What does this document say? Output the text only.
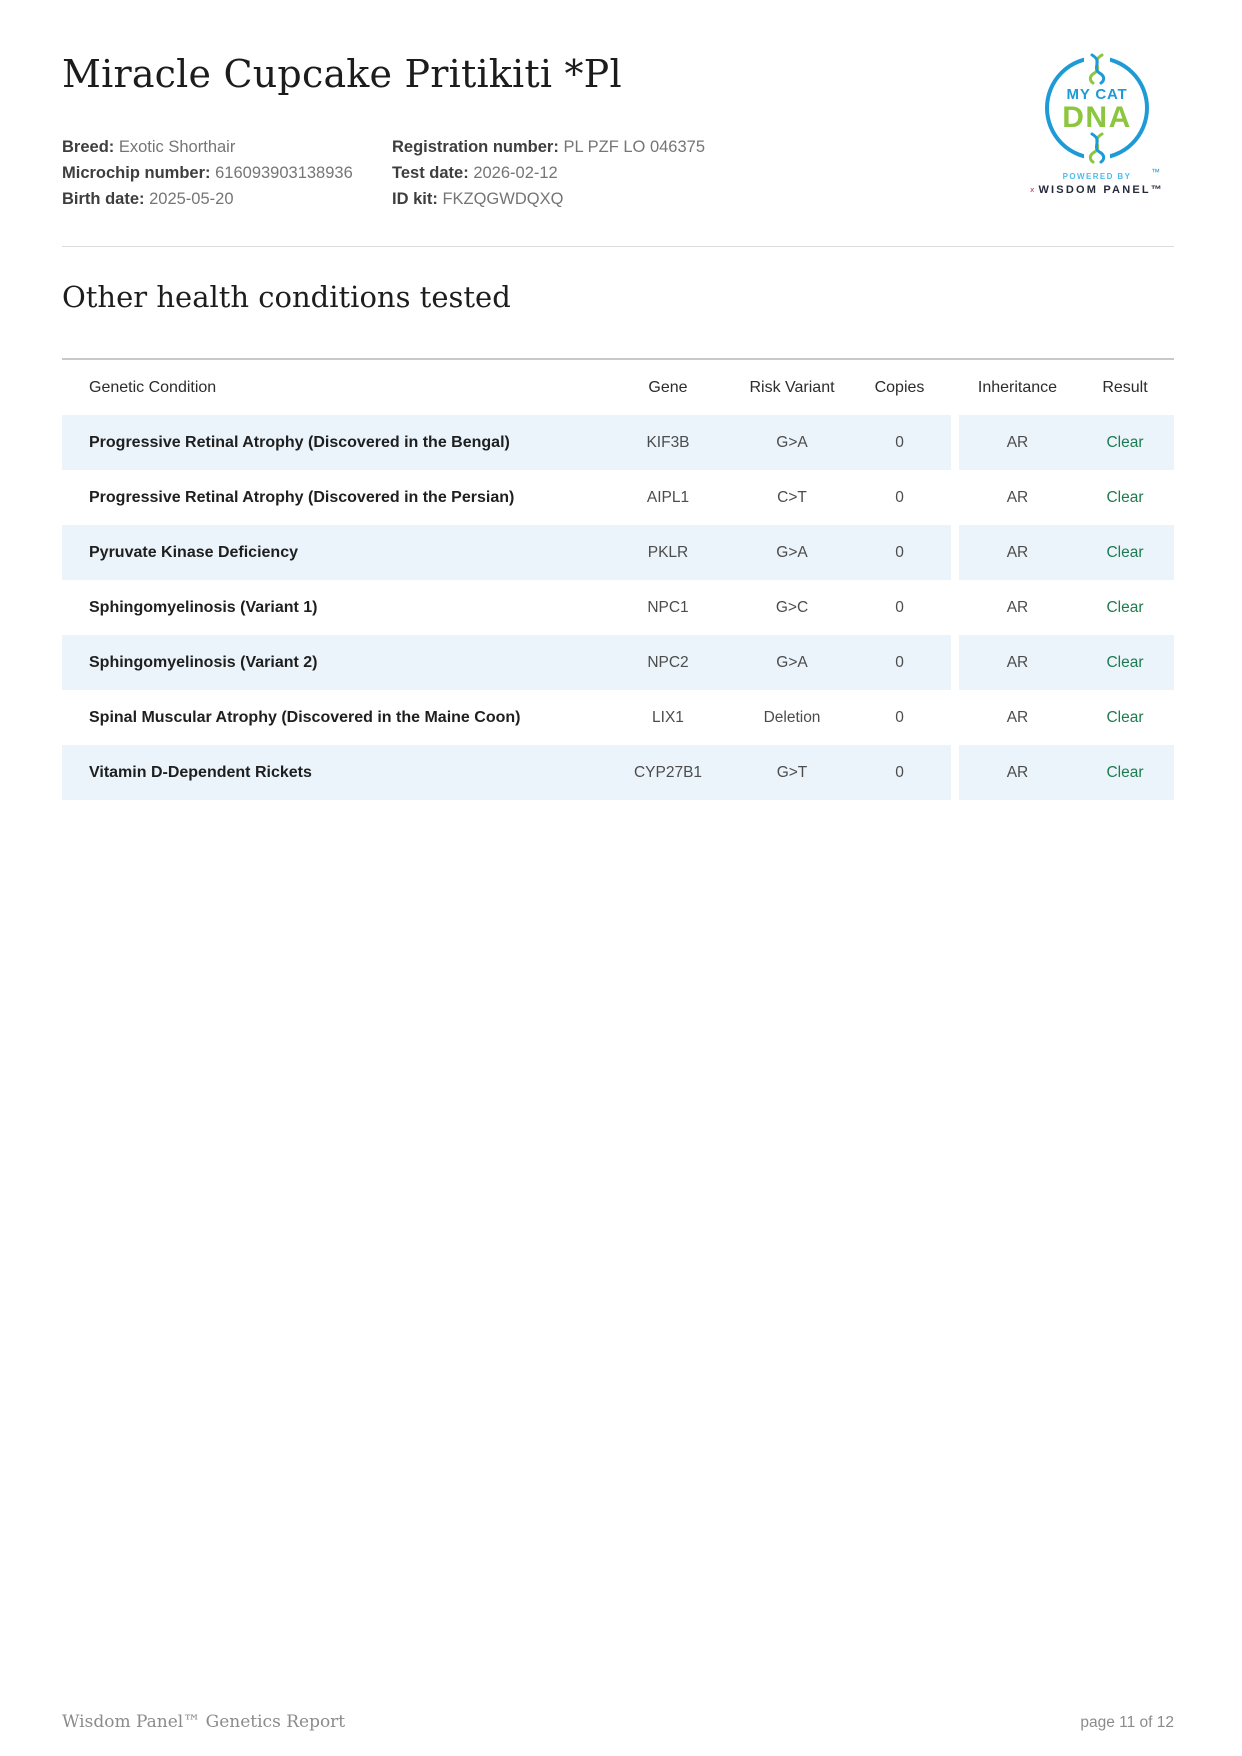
Miracle Cupcake Pritikiti *Pl
Breed: Exotic Shorthair
Microchip number: 616093903138936
Birth date: 2025-05-20
Registration number: PL PZF LO 046375
Test date: 2026-02-12
ID kit: FKZQGWDQXQ
MY CAT
DNA
™
POWERED BY
WISDOM PANEL™
Other health conditions tested
Genetic Condition	Gene	Risk Variant	Copies	Inheritance	Result
Progressive Retinal Atrophy (Discovered in the Bengal)	KIF3B	G>A	0	AR	Clear
Progressive Retinal Atrophy (Discovered in the Persian)	AIPL1	C>T	0	AR	Clear
Pyruvate Kinase Deficiency	PKLR	G>A	0	AR	Clear
Sphingomyelinosis (Variant 1)	NPC1	G>C	0	AR	Clear
Sphingomyelinosis (Variant 2)	NPC2	G>A	0	AR	Clear
Spinal Muscular Atrophy (Discovered in the Maine Coon)	LIX1	Deletion	0	AR	Clear
Vitamin D-Dependent Rickets	CYP27B1	G>T	0	AR	Clear
Wisdom Panel™ Genetics Report	page 11 of 12
